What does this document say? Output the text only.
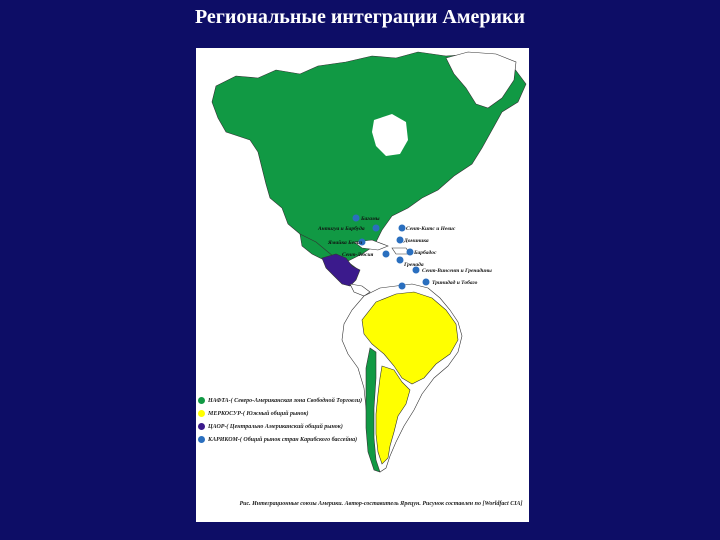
Региональные интеграции Америки
Багамы
Сент-Китс и Невис
Антигуа и Барбуда
Ямайка Белиз	Доминика
Сент-Люсия	Барбадос
Гренада
Сент-Винсент и Гренадины
Тринидад и Тобаго
НАФТА-( Северо-Американская зона Свободной Торговли)
МЕРКОСУР-( Южный общий рынок)
ЦАОР-( Центрально Американский общий рынок)
КАРИКОМ-( Общий рынок стран Карибского бассейна)
Рис. Интеграционные союзы Америки. Автор-составитель Ярецун. Рисунок составлен по [Worldfact CIA]
